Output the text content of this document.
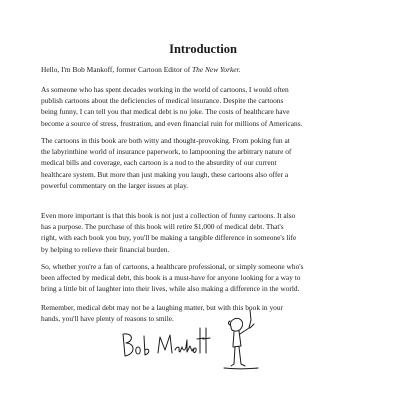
Introduction

Hello, I'm Bob Mankoff, former Cartoon Editor of The New Yorker.

As someone who has spent decades working in the world of cartoons, I would often
publish cartoons about the deficiencies of medical insurance. Despite the cartoons
being funny, I can tell you that medical debt is no joke. The costs of healthcare have
become a source of stress, frustration, and even financial ruin for millions of Americans.

The cartoons in this book are both witty and thought-provoking. From poking fun at
the labyrinthine world of insurance paperwork, to lampooning the arbitrary nature of
medical bills and coverage, each cartoon is a nod to the absurdity of our current
healthcare system. But more than just making you laugh, these cartoons also offer a
powerful commentary on the larger issues at play.

Even more important is that this book is not just a collection of funny cartoons. It also
has a purpose. The purchase of this book will retire $1,000 of medical debt. That's
right, with each book you buy, you'll be making a tangible difference in someone's life
by helping to relieve their financial burden.

So, whether you're a fan of cartoons, a healthcare professional, or simply someone who's
been affected by medical debt, this book is a must-have for anyone looking for a way to
bring a little bit of laughter into their lives, while also making a difference in the world.

Remember, medical debt may not be a laughing matter, but with this book in your
hands, you'll have plenty of reasons to smile.
